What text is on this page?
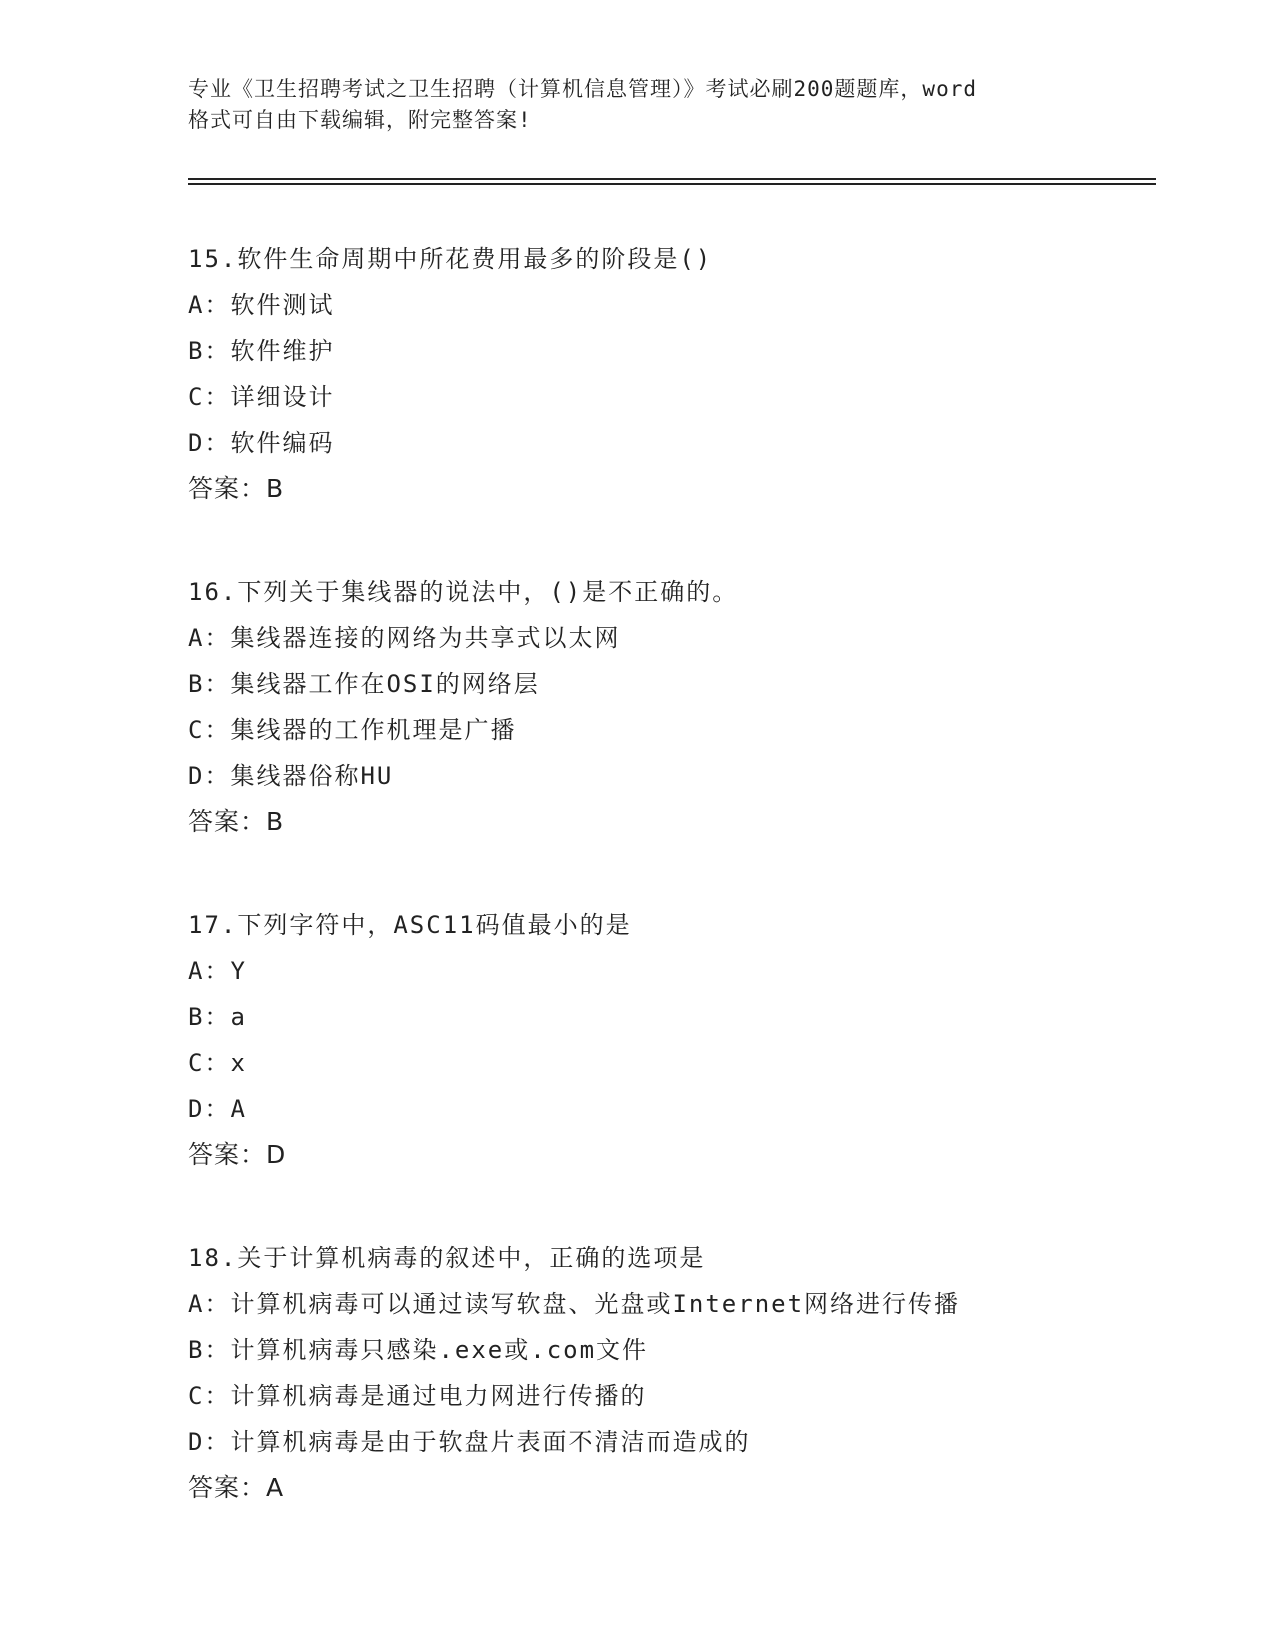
专业《卫生招聘考试之卫生招聘（计算机信息管理）》考试必刷200题题库，word
格式可自由下载编辑，附完整答案!
15.软件生命周期中所花费用最多的阶段是()
A：软件测试
B：软件维护
C：详细设计
D：软件编码
答案：B
16.下列关于集线器的说法中，()是不正确的。
A：集线器连接的网络为共享式以太网
B：集线器工作在OSI的网络层
C：集线器的工作机理是广播
D：集线器俗称HU
答案：B
17.下列字符中，ASC11码值最小的是
A：Y
B：a
C：x
D：A
答案：D
18.关于计算机病毒的叙述中，正确的选项是
A：计算机病毒可以通过读写软盘、光盘或Internet网络进行传播
B：计算机病毒只感染.exe或.com文件
C：计算机病毒是通过电力网进行传播的
D：计算机病毒是由于软盘片表面不清洁而造成的
答案：A
